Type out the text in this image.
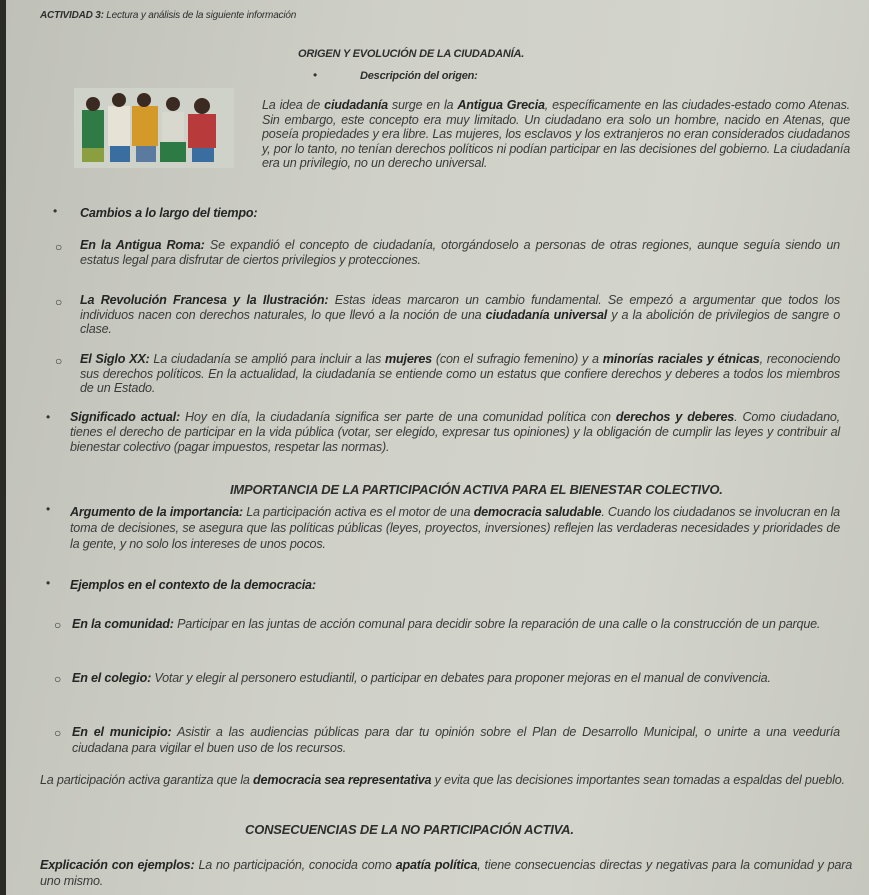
ACTIVIDAD 3: Lectura y análisis de la siguiente información
ORIGEN Y EVOLUCIÓN DE LA CIUDADANÍA.
•	Descripción del origen:
La idea de ciudadanía surge en la Antigua Grecia, específicamente en las ciudades-estado como Atenas. Sin embargo, este concepto era muy limitado. Un ciudadano era solo un hombre, nacido en Atenas, que poseía propiedades y era libre. Las mujeres, los esclavos y los extranjeros no eran considerados ciudadanos y, por lo tanto, no tenían derechos políticos ni podían participar en las decisiones del gobierno. La ciudadanía era un privilegio, no un derecho universal.
• Cambios a lo largo del tiempo:
○ En la Antigua Roma: Se expandió el concepto de ciudadanía, otorgándoselo a personas de otras regiones, aunque seguía siendo un estatus legal para disfrutar de ciertos privilegios y protecciones.
○ La Revolución Francesa y la Ilustración: Estas ideas marcaron un cambio fundamental. Se empezó a argumentar que todos los individuos nacen con derechos naturales, lo que llevó a la noción de una ciudadanía universal y a la abolición de privilegios de sangre o clase.
○ El Siglo XX: La ciudadanía se amplió para incluir a las mujeres (con el sufragio femenino) y a minorías raciales y étnicas, reconociendo sus derechos políticos. En la actualidad, la ciudadanía se entiende como un estatus que confiere derechos y deberes a todos los miembros de un Estado.
• Significado actual: Hoy en día, la ciudadanía significa ser parte de una comunidad política con derechos y deberes. Como ciudadano, tienes el derecho de participar en la vida pública (votar, ser elegido, expresar tus opiniones) y la obligación de cumplir las leyes y contribuir al bienestar colectivo (pagar impuestos, respetar las normas).
IMPORTANCIA DE LA PARTICIPACIÓN ACTIVA PARA EL BIENESTAR COLECTIVO.
• Argumento de la importancia: La participación activa es el motor de una democracia saludable. Cuando los ciudadanos se involucran en la toma de decisiones, se asegura que las políticas públicas (leyes, proyectos, inversiones) reflejen las verdaderas necesidades y prioridades de la gente, y no solo los intereses de unos pocos.
• Ejemplos en el contexto de la democracia:
○ En la comunidad: Participar en las juntas de acción comunal para decidir sobre la reparación de una calle o la construcción de un parque.
○ En el colegio: Votar y elegir al personero estudiantil, o participar en debates para proponer mejoras en el manual de convivencia.
○ En el municipio: Asistir a las audiencias públicas para dar tu opinión sobre el Plan de Desarrollo Municipal, o unirte a una veeduría ciudadana para vigilar el buen uso de los recursos.
La participación activa garantiza que la democracia sea representativa y evita que las decisiones importantes sean tomadas a espaldas del pueblo.
CONSECUENCIAS DE LA NO PARTICIPACIÓN ACTIVA.
Explicación con ejemplos: La no participación, conocida como apatía política, tiene consecuencias directas y negativas para la comunidad y para uno mismo.
